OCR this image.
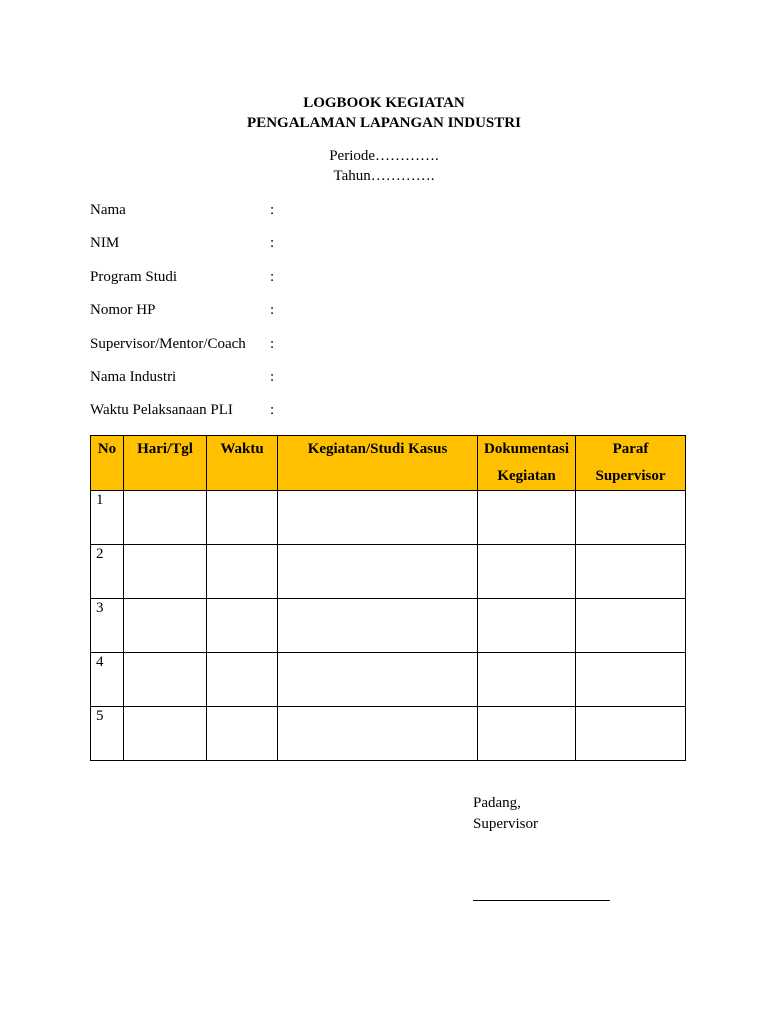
LOGBOOK KEGIATAN
PENGALAMAN LAPANGAN INDUSTRI
Periode………….
Tahun………….
Nama	:
NIM	:
Program Studi	:
Nomor HP	:
Supervisor/Mentor/Coach :
Nama Industri	:
Waktu Pelaksanaan PLI :
No	Hari/Tgl	Waktu	Kegiatan/Studi Kasus	Dokumentasi Kegiatan	Paraf Supervisor
1					
2					
3					
4					
5					
Padang,
Supervisor
